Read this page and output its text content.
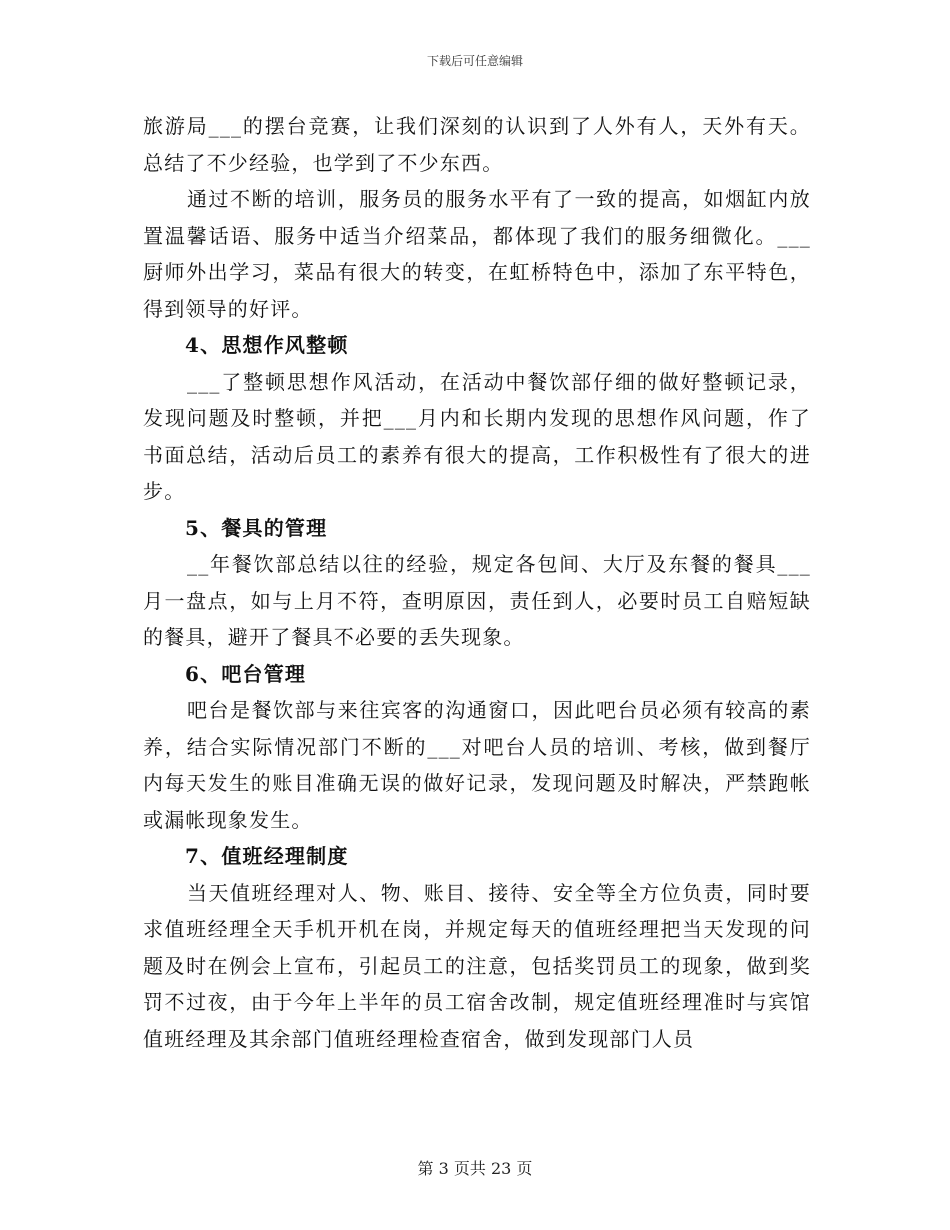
下载后可任意编辑

旅游局___的摆台竞赛，让我们深刻的认识到了人外有人，天外有天。总结了不少经验，也学到了不少东西。

通过不断的培训，服务员的服务水平有了一致的提高，如烟缸内放置温馨话语、服务中适当介绍菜品，都体现了我们的服务细微化。___厨师外出学习，菜品有很大的转变，在虹桥特色中，添加了东平特色，得到领导的好评。

4、思想作风整顿

___了整顿思想作风活动，在活动中餐饮部仔细的做好整顿记录，发现问题及时整顿，并把___月内和长期内发现的思想作风问题，作了书面总结，活动后员工的素养有很大的提高，工作积极性有了很大的进步。

5、餐具的管理

__年餐饮部总结以往的经验，规定各包间、大厅及东餐的餐具___月一盘点，如与上月不符，查明原因，责任到人，必要时员工自赔短缺的餐具，避开了餐具不必要的丢失现象。

6、吧台管理

吧台是餐饮部与来往宾客的沟通窗口，因此吧台员必须有较高的素养，结合实际情况部门不断的___对吧台人员的培训、考核，做到餐厅内每天发生的账目准确无误的做好记录，发现问题及时解决，严禁跑帐或漏帐现象发生。

7、值班经理制度

当天值班经理对人、物、账目、接待、安全等全方位负责，同时要求值班经理全天手机开机在岗，并规定每天的值班经理把当天发现的问题及时在例会上宣布，引起员工的注意，包括奖罚员工的现象，做到奖罚不过夜，由于今年上半年的员工宿舍改制，规定值班经理准时与宾馆值班经理及其余部门值班经理检查宿舍，做到发现部门人员

第 3 页共 23 页
